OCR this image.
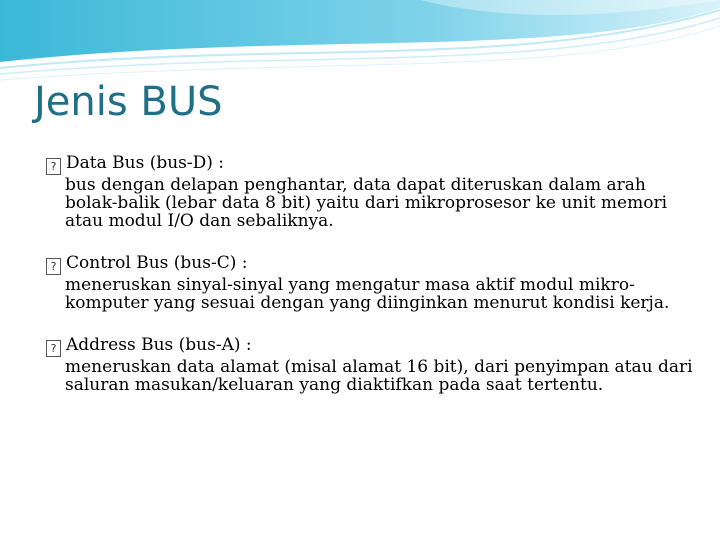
Jenis BUS
? Data Bus (bus-D) :
bus dengan delapan penghantar, data dapat diteruskan dalam arah bolak-balik (lebar data 8 bit) yaitu dari mikroprosesor ke unit memori atau modul I/O dan sebaliknya.
? Control Bus (bus-C) :
meneruskan sinyal-sinyal yang mengatur masa aktif modul mikro-komputer yang sesuai dengan yang diinginkan menurut kondisi kerja.
? Address Bus (bus-A) :
meneruskan data alamat (misal alamat 16 bit), dari penyimpan atau dari saluran masukan/keluaran yang diaktifkan pada saat tertentu.
